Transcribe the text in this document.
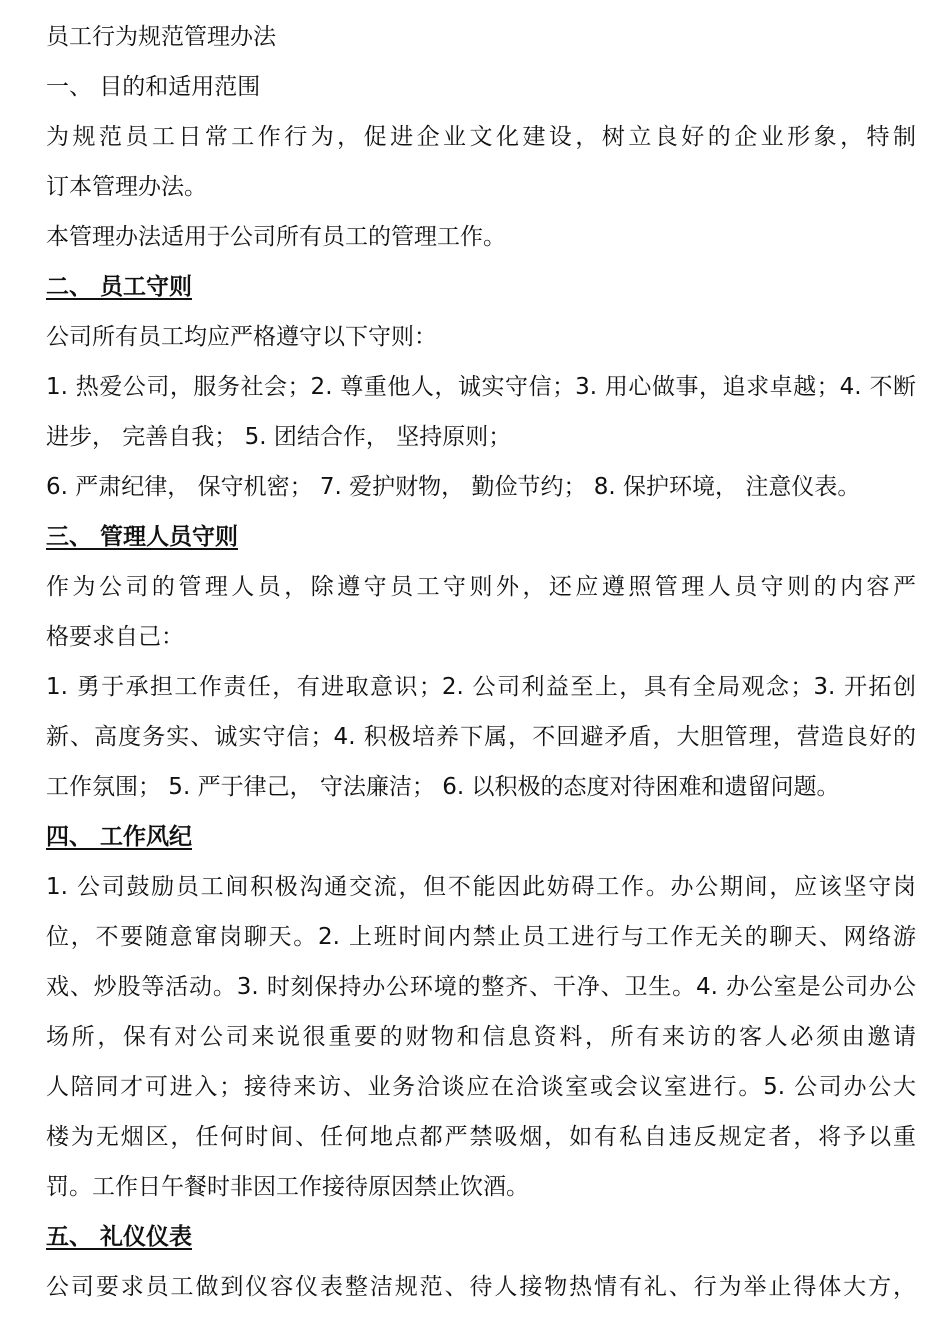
员工行为规范管理办法

一、 目的和适用范围

为规范员工日常工作行为，促进企业文化建设，树立良好的企业形象，特制

订本管理办法。

本管理办法适用于公司所有员工的管理工作。

二、 员工守则

公司所有员工均应严格遵守以下守则：

1. 热爱公司，服务社会；2. 尊重他人，诚实守信；3. 用心做事，追求卓越；4. 不断

进步， 完善自我； 5. 团结合作， 坚持原则；

6. 严肃纪律， 保守机密； 7. 爱护财物， 勤俭节约； 8. 保护环境， 注意仪表。

三、 管理人员守则

作为公司的管理人员，除遵守员工守则外，还应遵照管理人员守则的内容严

格要求自己：

1. 勇于承担工作责任，有进取意识；2. 公司利益至上，具有全局观念；3. 开拓创

新、高度务实、诚实守信；4. 积极培养下属，不回避矛盾，大胆管理，营造良好的

工作氛围； 5. 严于律己， 守法廉洁； 6. 以积极的态度对待困难和遗留问题。

四、 工作风纪

1. 公司鼓励员工间积极沟通交流，但不能因此妨碍工作。办公期间，应该坚守岗

位，不要随意窜岗聊天。2. 上班时间内禁止员工进行与工作无关的聊天、网络游

戏、炒股等活动。3. 时刻保持办公环境的整齐、干净、卫生。4. 办公室是公司办公

场所，保有对公司来说很重要的财物和信息资料，所有来访的客人必须由邀请

人陪同才可进入；接待来访、业务洽谈应在洽谈室或会议室进行。5. 公司办公大

楼为无烟区，任何时间、任何地点都严禁吸烟，如有私自违反规定者，将予以重

罚。工作日午餐时非因工作接待原因禁止饮酒。

五、 礼仪仪表

公司要求员工做到仪容仪表整洁规范、待人接物热情有礼、行为举止得体大方，
